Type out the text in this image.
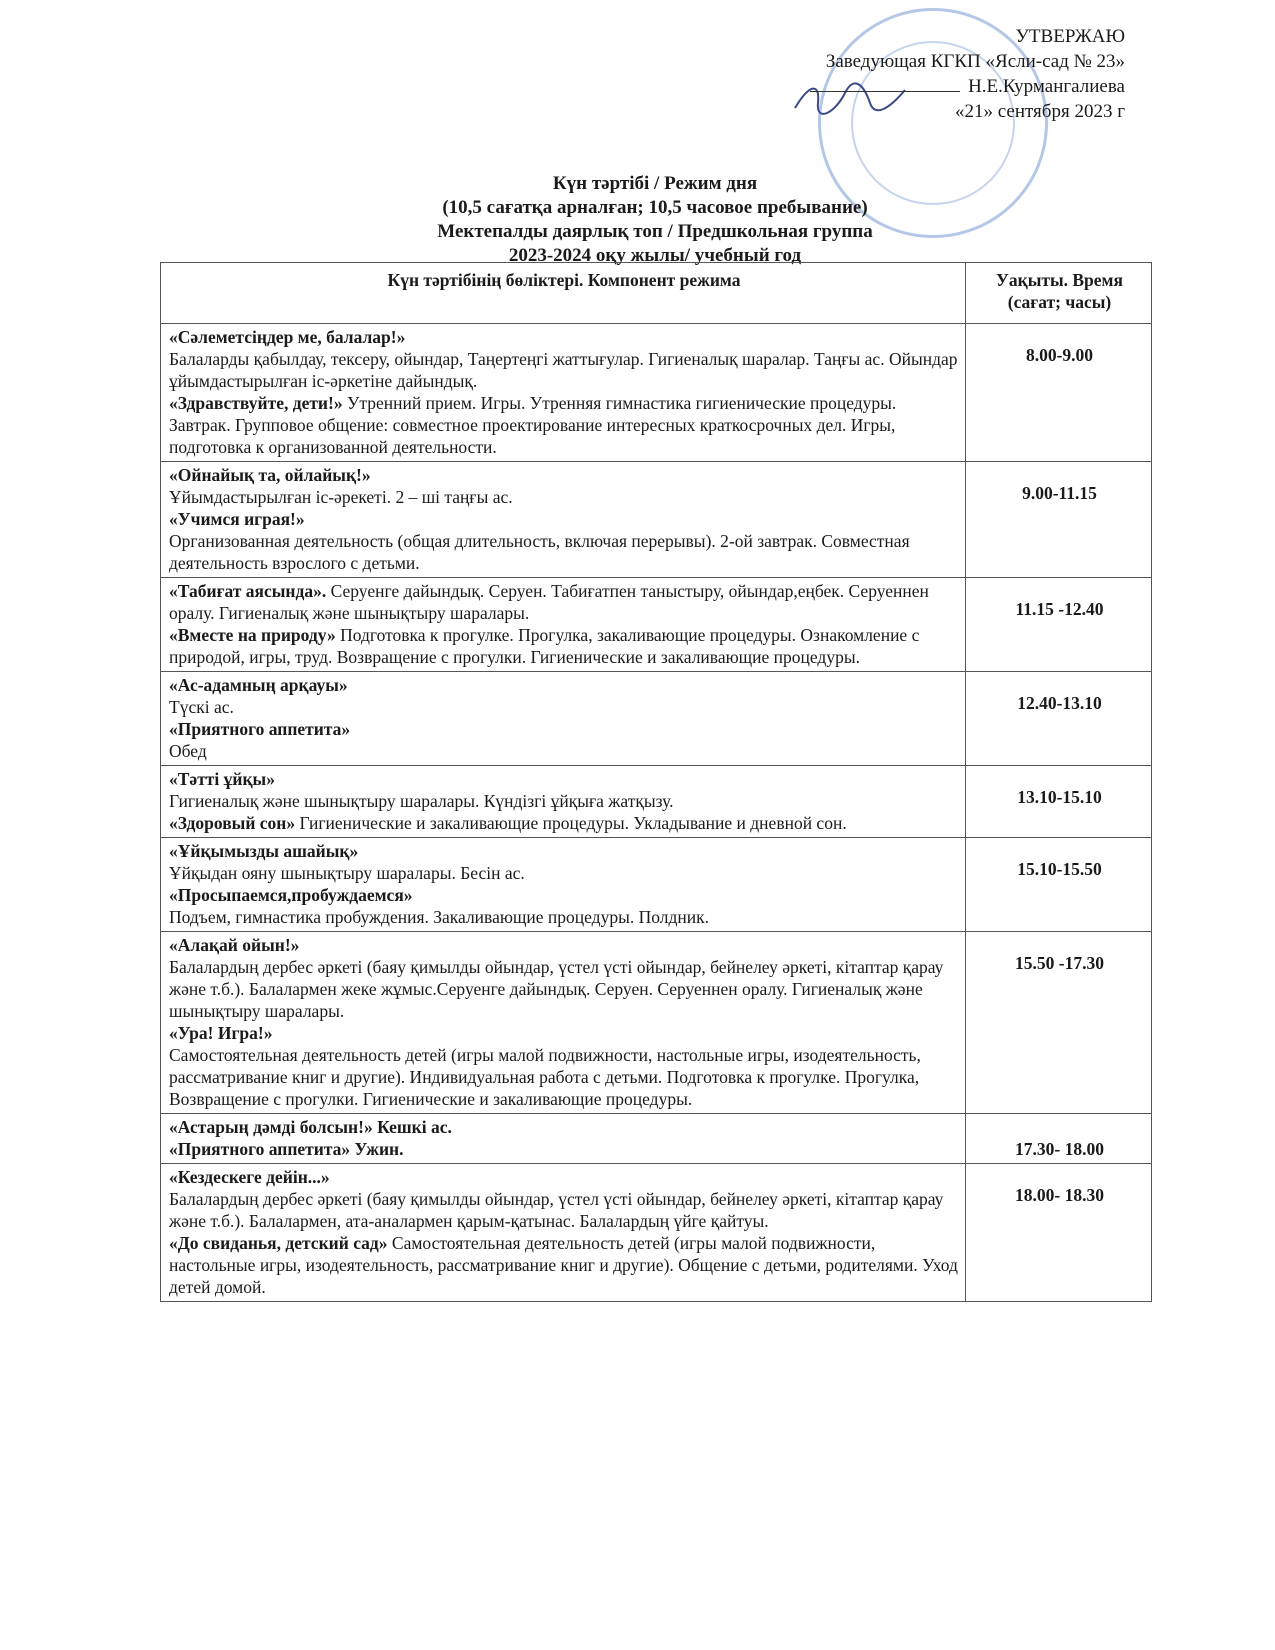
УТВЕРЖАЮ
Заведующая КГКП «Ясли-сад № 23»
Н.Е.Курмангалиева
«21» сентября 2023 г
Күн тәртібі / Режим дня
(10,5 сағатқа арналған; 10,5 часовое пребывание)
Мектепалды даярлық топ / Предшкольная группа
2023-2024 оқу жылы/ учебный год
Күн тәртібінің бөліктері. Компонент режима	Уақыты. Время
(сағат; часы)

«Сәлеметсіңдер ме, балалар!»
Балаларды қабылдау, тексеру, ойындар, Таңертеңгі жаттығулар. Гигиеналық шаралар. Таңғы ас. Ойындар ұйымдастырылған іс-әркетіне дайындық.
«Здравствуйте, дети!» Утренний прием. Игры. Утренняя гимнастика гигиенические процедуры. Завтрак. Групповое общение: совместное проектирование интересных краткосрочных дел. Игры, подготовка к организованной деятельности.	8.00-9.00

«Ойнайық та, ойлайық!»
Ұйымдастырылған іс-әрекеті. 2 – ші таңғы ас.
«Учимся играя!»
Организованная деятельность (общая длительность, включая перерывы). 2-ой завтрак. Совместная деятельность взрослого с детьми.	9.00-11.15

«Табиғат аясында». Серуенге дайындық. Серуен. Табиғатпен таныстыру, ойындар,еңбек. Серуеннен оралу. Гигиеналық және шынықтыру шаралары.
«Вместе на природу» Подготовка к прогулке. Прогулка, закаливающие процедуры. Ознакомление с природой, игры, труд. Возвращение с прогулки. Гигиенические и закаливающие процедуры.	11.15 -12.40

«Ас-адамның арқауы»
Түскі ас.
«Приятного аппетита»
Обед	12.40-13.10

«Тәтті ұйқы»
Гигиеналық және шынықтыру шаралары. Күндізгі ұйқыға жатқызу.
«Здоровый сон» Гигиенические и закаливающие процедуры. Укладывание и дневной сон.	13.10-15.10

«Ұйқымызды ашайық»
Ұйқыдан ояну шынықтыру шаралары. Бесін ас.
«Просыпаемся,пробуждаемся»
Подъем, гимнастика пробуждения. Закаливающие процедуры. Полдник.	15.10-15.50

«Алақай ойын!»
Балалардың дербес әркеті (баяу қимылды ойындар, үстел үсті ойындар, бейнелеу әркеті, кітаптар қарау және т.б.). Балалармен жеке жұмыс.Серуенге дайындық. Серуен. Серуеннен оралу. Гигиеналық және шынықтыру шаралары.
«Ура! Игра!»
Самостоятельная деятельность детей (игры малой подвижности, настольные игры, изодеятельность, рассматривание книг и другие). Индивидуальная работа с детьми. Подготовка к прогулке. Прогулка, Возвращение с прогулки. Гигиенические и закаливающие процедуры.	15.50 -17.30

«Астарың дәмді болсын!» Кешкі ас.
«Приятного аппетита» Ужин.	17.30- 18.00

«Кездескеге дейін...»
Балалардың дербес әркеті (баяу қимылды ойындар, үстел үсті ойындар, бейнелеу әркеті, кітаптар қарау және т.б.). Балалармен, ата-аналармен қарым-қатынас. Балалардың үйге қайтуы.
«До свиданья, детский сад» Самостоятельная деятельность детей (игры малой подвижности, настольные игры, изодеятельность, рассматривание книг и другие). Общение с детьми, родителями. Уход детей домой.	18.00- 18.30
